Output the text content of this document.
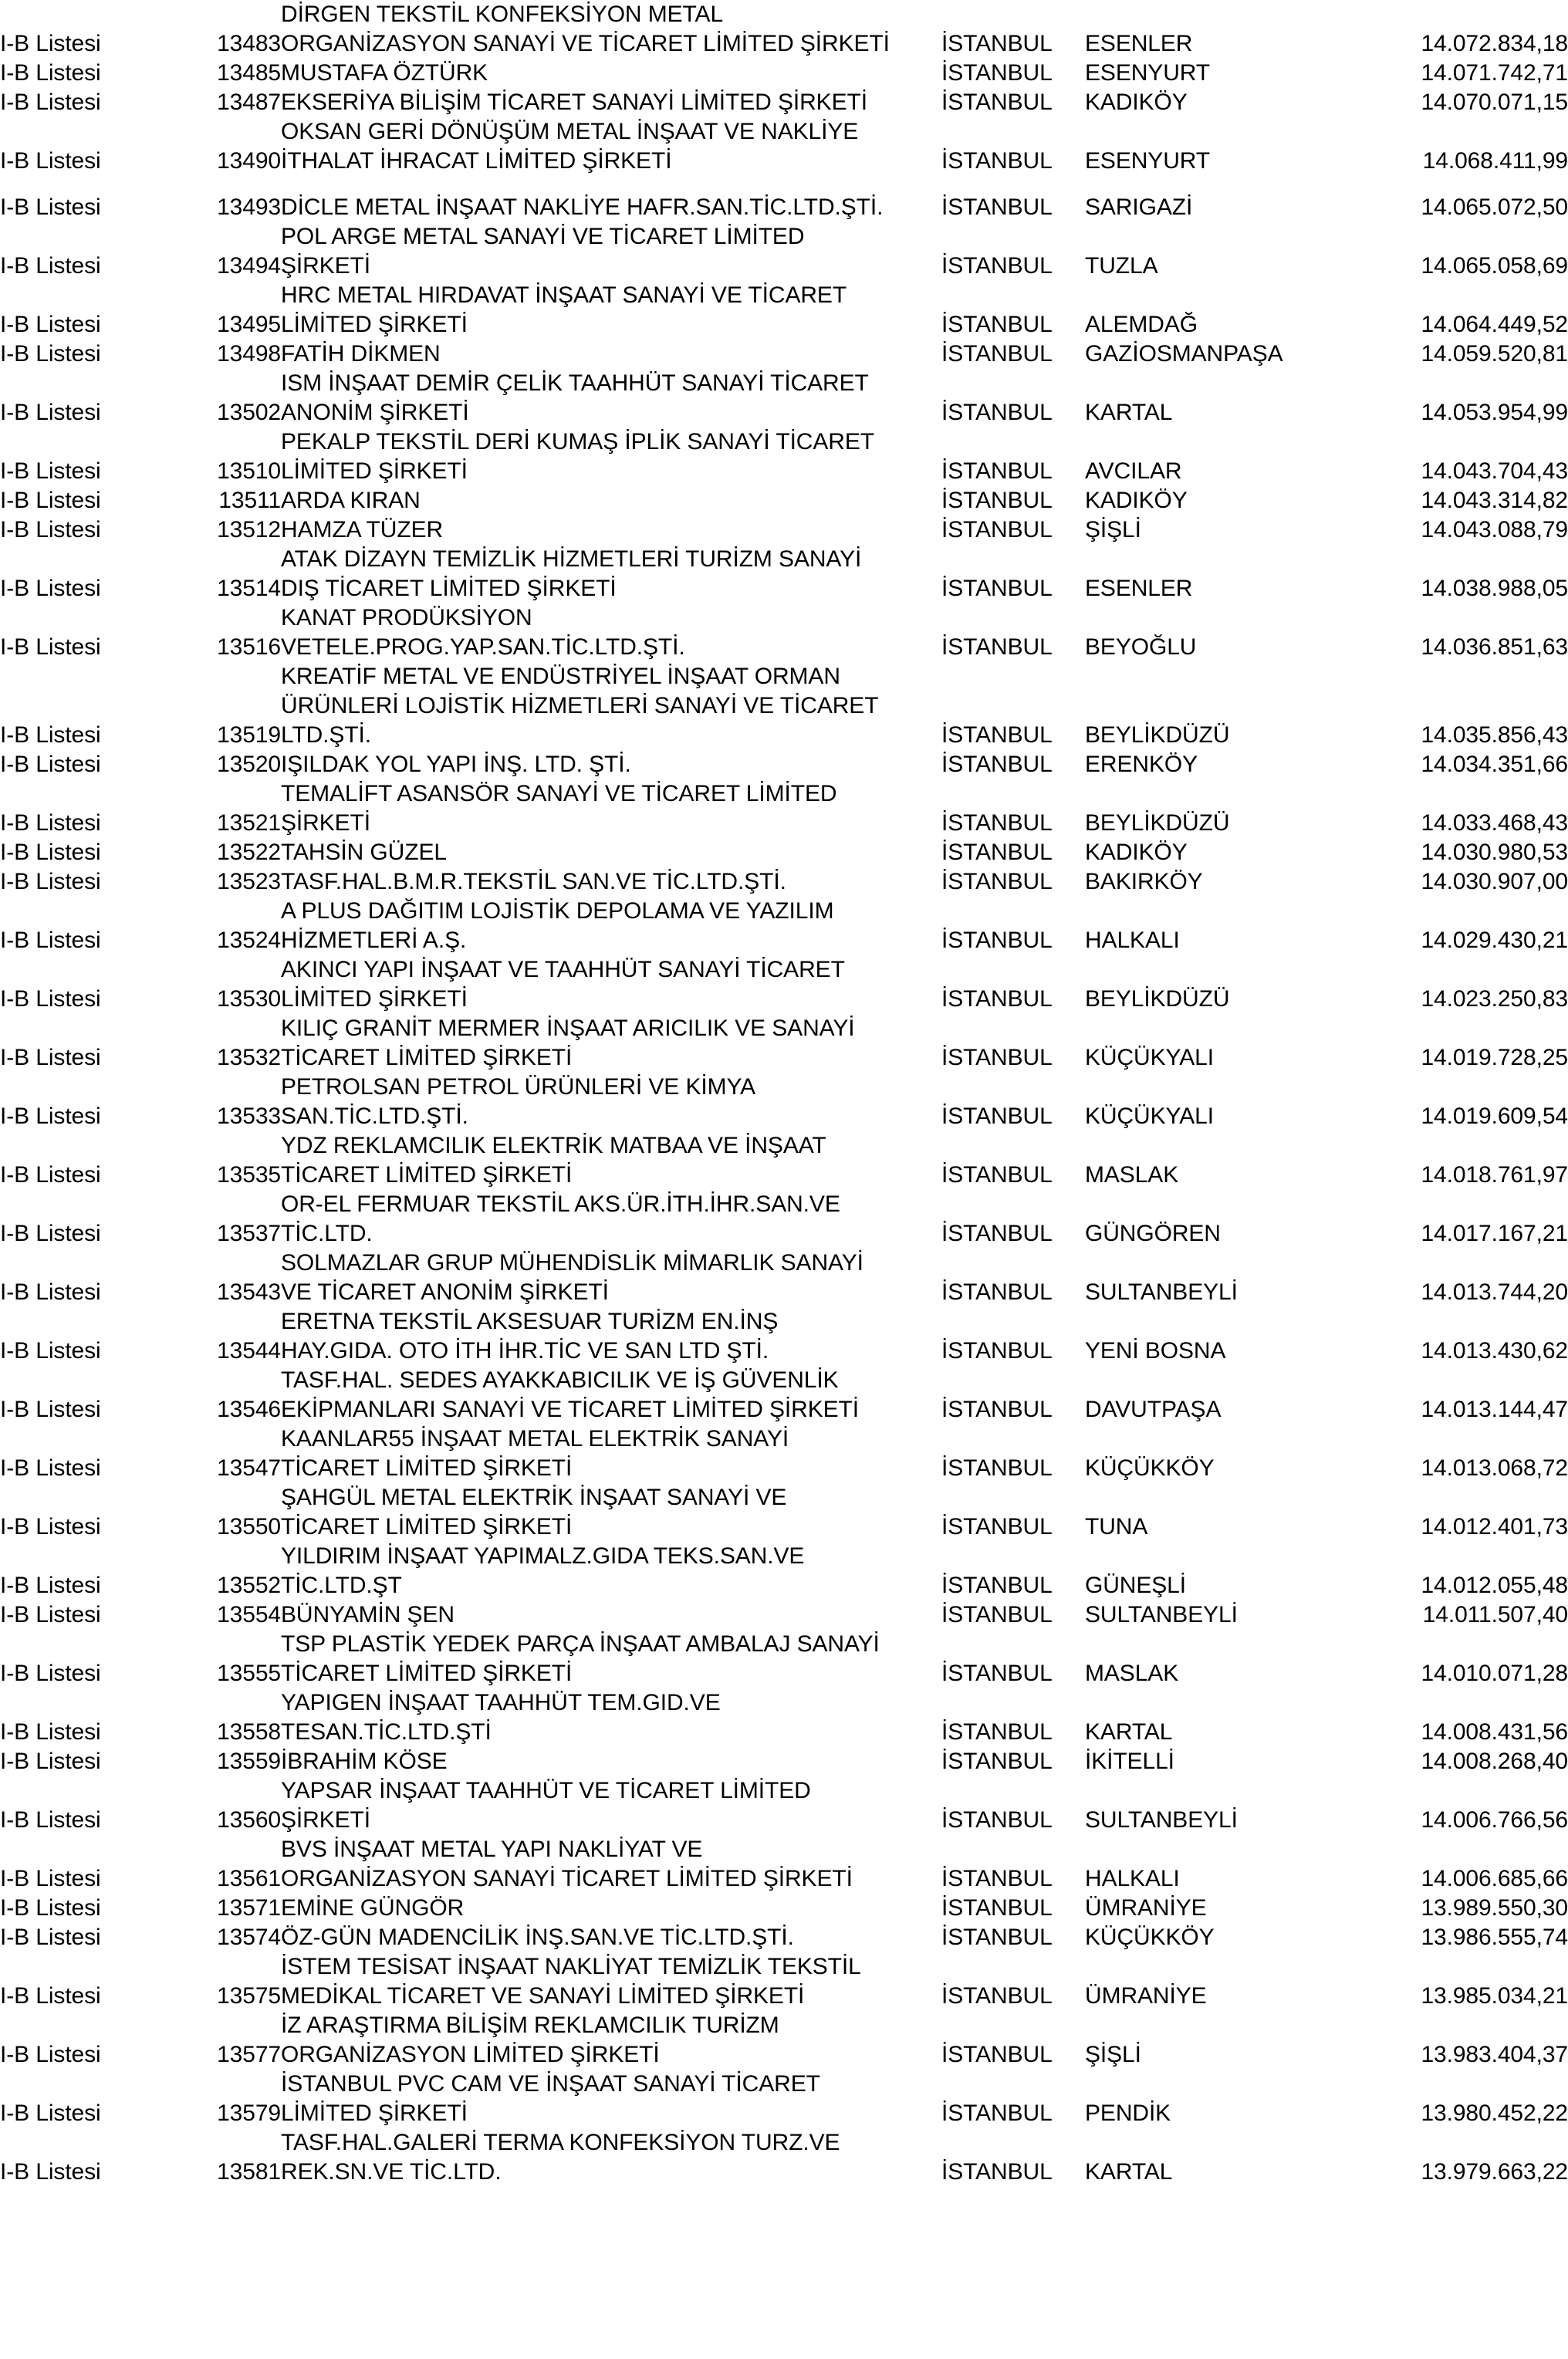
			DİRGEN TEKSTİL KONFEKSİYON METAL			
I-B Listesi		13483	ORGANİZASYON SANAYİ VE TİCARET LİMİTED ŞİRKETİ	İSTANBUL	ESENLER	14.072.834,18
I-B Listesi		13485	MUSTAFA ÖZTÜRK	İSTANBUL	ESENYURT	14.071.742,71
I-B Listesi		13487	EKSERİYA BİLİŞİM TİCARET SANAYİ LİMİTED ŞİRKETİ	İSTANBUL	KADIKÖY	14.070.071,15
			OKSAN GERİ DÖNÜŞÜM METAL İNŞAAT VE NAKLİYE			
I-B Listesi		13490	İTHALAT İHRACAT LİMİTED ŞİRKETİ	İSTANBUL	ESENYURT	14.068.411,99

I-B Listesi		13493	DİCLE METAL İNŞAAT NAKLİYE HAFR.SAN.TİC.LTD.ŞTİ.	İSTANBUL	SARIGAZİ	14.065.072,50
			POL ARGE METAL SANAYİ VE TİCARET LİMİTED			
I-B Listesi		13494	ŞİRKETİ	İSTANBUL	TUZLA	14.065.058,69
			HRC METAL HIRDAVAT İNŞAAT SANAYİ VE TİCARET			
I-B Listesi		13495	LİMİTED ŞİRKETİ	İSTANBUL	ALEMDAĞ	14.064.449,52
I-B Listesi		13498	FATİH DİKMEN	İSTANBUL	GAZİOSMANPAŞA	14.059.520,81
			ISM İNŞAAT DEMİR ÇELİK TAAHHÜT SANAYİ TİCARET			
I-B Listesi		13502	ANONİM ŞİRKETİ	İSTANBUL	KARTAL	14.053.954,99
			PEKALP TEKSTİL DERİ KUMAŞ İPLİK SANAYİ TİCARET			
I-B Listesi		13510	LİMİTED ŞİRKETİ	İSTANBUL	AVCILAR	14.043.704,43
I-B Listesi		13511	ARDA KIRAN	İSTANBUL	KADIKÖY	14.043.314,82
I-B Listesi		13512	HAMZA TÜZER	İSTANBUL	ŞİŞLİ	14.043.088,79
			ATAK DİZAYN TEMİZLİK HİZMETLERİ TURİZM SANAYİ			
I-B Listesi		13514	DIŞ TİCARET LİMİTED ŞİRKETİ	İSTANBUL	ESENLER	14.038.988,05
			KANAT PRODÜKSİYON			
I-B Listesi		13516	VETELE.PROG.YAP.SAN.TİC.LTD.ŞTİ.	İSTANBUL	BEYOĞLU	14.036.851,63
			KREATİF METAL VE ENDÜSTRİYEL İNŞAAT ORMAN			
			ÜRÜNLERİ LOJİSTİK HİZMETLERİ SANAYİ VE TİCARET			
I-B Listesi		13519	LTD.ŞTİ.	İSTANBUL	BEYLİKDÜZÜ	14.035.856,43
I-B Listesi		13520	IŞILDAK YOL YAPI İNŞ. LTD. ŞTİ.	İSTANBUL	ERENKÖY	14.034.351,66
			TEMALİFT ASANSÖR SANAYİ VE TİCARET LİMİTED			
I-B Listesi		13521	ŞİRKETİ	İSTANBUL	BEYLİKDÜZÜ	14.033.468,43
I-B Listesi		13522	TAHSİN GÜZEL	İSTANBUL	KADIKÖY	14.030.980,53
I-B Listesi		13523	TASF.HAL.B.M.R.TEKSTİL SAN.VE TİC.LTD.ŞTİ.	İSTANBUL	BAKIRKÖY	14.030.907,00
			A PLUS DAĞITIM LOJİSTİK DEPOLAMA VE YAZILIM			
I-B Listesi		13524	HİZMETLERİ A.Ş.	İSTANBUL	HALKALI	14.029.430,21
			AKINCI YAPI İNŞAAT VE TAAHHÜT SANAYİ TİCARET			
I-B Listesi		13530	LİMİTED ŞİRKETİ	İSTANBUL	BEYLİKDÜZÜ	14.023.250,83
			KILIÇ GRANİT MERMER İNŞAAT ARICILIK VE SANAYİ			
I-B Listesi		13532	TİCARET LİMİTED ŞİRKETİ	İSTANBUL	KÜÇÜKYALI	14.019.728,25
			PETROLSAN PETROL ÜRÜNLERİ VE KİMYA			
I-B Listesi		13533	SAN.TİC.LTD.ŞTİ.	İSTANBUL	KÜÇÜKYALI	14.019.609,54
			YDZ REKLAMCILIK ELEKTRİK MATBAA VE İNŞAAT			
I-B Listesi		13535	TİCARET LİMİTED ŞİRKETİ	İSTANBUL	MASLAK	14.018.761,97
			OR-EL FERMUAR TEKSTİL AKS.ÜR.İTH.İHR.SAN.VE			
I-B Listesi		13537	TİC.LTD.	İSTANBUL	GÜNGÖREN	14.017.167,21
			SOLMAZLAR GRUP MÜHENDİSLİK MİMARLIK SANAYİ			
I-B Listesi		13543	VE TİCARET ANONİM ŞİRKETİ	İSTANBUL	SULTANBEYLİ	14.013.744,20
			ERETNA TEKSTİL AKSESUAR TURİZM EN.İNŞ			
I-B Listesi		13544	HAY.GIDA. OTO İTH İHR.TİC VE SAN LTD ŞTİ.	İSTANBUL	YENİ BOSNA	14.013.430,62
			TASF.HAL. SEDES AYAKKABICILIK VE İŞ GÜVENLİK			
I-B Listesi		13546	EKİPMANLARI SANAYİ VE TİCARET LİMİTED ŞİRKETİ	İSTANBUL	DAVUTPAŞA	14.013.144,47
			KAANLAR55 İNŞAAT METAL ELEKTRİK SANAYİ			
I-B Listesi		13547	TİCARET LİMİTED ŞİRKETİ	İSTANBUL	KÜÇÜKKÖY	14.013.068,72
			ŞAHGÜL METAL ELEKTRİK İNŞAAT SANAYİ VE			
I-B Listesi		13550	TİCARET LİMİTED ŞİRKETİ	İSTANBUL	TUNA	14.012.401,73
			YILDIRIM İNŞAAT YAPIMALZ.GIDA TEKS.SAN.VE			
I-B Listesi		13552	TİC.LTD.ŞT	İSTANBUL	GÜNEŞLİ	14.012.055,48
I-B Listesi		13554	BÜNYAMİN ŞEN	İSTANBUL	SULTANBEYLİ	14.011.507,40
			TSP PLASTİK YEDEK PARÇA İNŞAAT AMBALAJ SANAYİ			
I-B Listesi		13555	TİCARET LİMİTED ŞİRKETİ	İSTANBUL	MASLAK	14.010.071,28
			YAPIGEN İNŞAAT TAAHHÜT TEM.GID.VE			
I-B Listesi		13558	TESAN.TİC.LTD.ŞTİ	İSTANBUL	KARTAL	14.008.431,56
I-B Listesi		13559	İBRAHİM KÖSE	İSTANBUL	İKİTELLİ	14.008.268,40
			YAPSAR İNŞAAT TAAHHÜT VE TİCARET LİMİTED			
I-B Listesi		13560	ŞİRKETİ	İSTANBUL	SULTANBEYLİ	14.006.766,56
			BVS İNŞAAT METAL YAPI NAKLİYAT VE			
I-B Listesi		13561	ORGANİZASYON SANAYİ TİCARET LİMİTED ŞİRKETİ	İSTANBUL	HALKALI	14.006.685,66
I-B Listesi		13571	EMİNE GÜNGÖR	İSTANBUL	ÜMRANİYE	13.989.550,30
I-B Listesi		13574	ÖZ-GÜN MADENCİLİK İNŞ.SAN.VE TİC.LTD.ŞTİ.	İSTANBUL	KÜÇÜKKÖY	13.986.555,74
			İSTEM TESİSAT İNŞAAT NAKLİYAT TEMİZLİK TEKSTİL			
I-B Listesi		13575	MEDİKAL TİCARET VE SANAYİ LİMİTED ŞİRKETİ	İSTANBUL	ÜMRANİYE	13.985.034,21
			İZ ARAŞTIRMA BİLİŞİM REKLAMCILIK TURİZM			
I-B Listesi		13577	ORGANİZASYON LİMİTED ŞİRKETİ	İSTANBUL	ŞİŞLİ	13.983.404,37
			İSTANBUL PVC CAM VE İNŞAAT SANAYİ TİCARET			
I-B Listesi		13579	LİMİTED ŞİRKETİ	İSTANBUL	PENDİK	13.980.452,22
			TASF.HAL.GALERİ TERMA KONFEKSİYON TURZ.VE			
I-B Listesi		13581	REK.SN.VE TİC.LTD.	İSTANBUL	KARTAL	13.979.663,22
